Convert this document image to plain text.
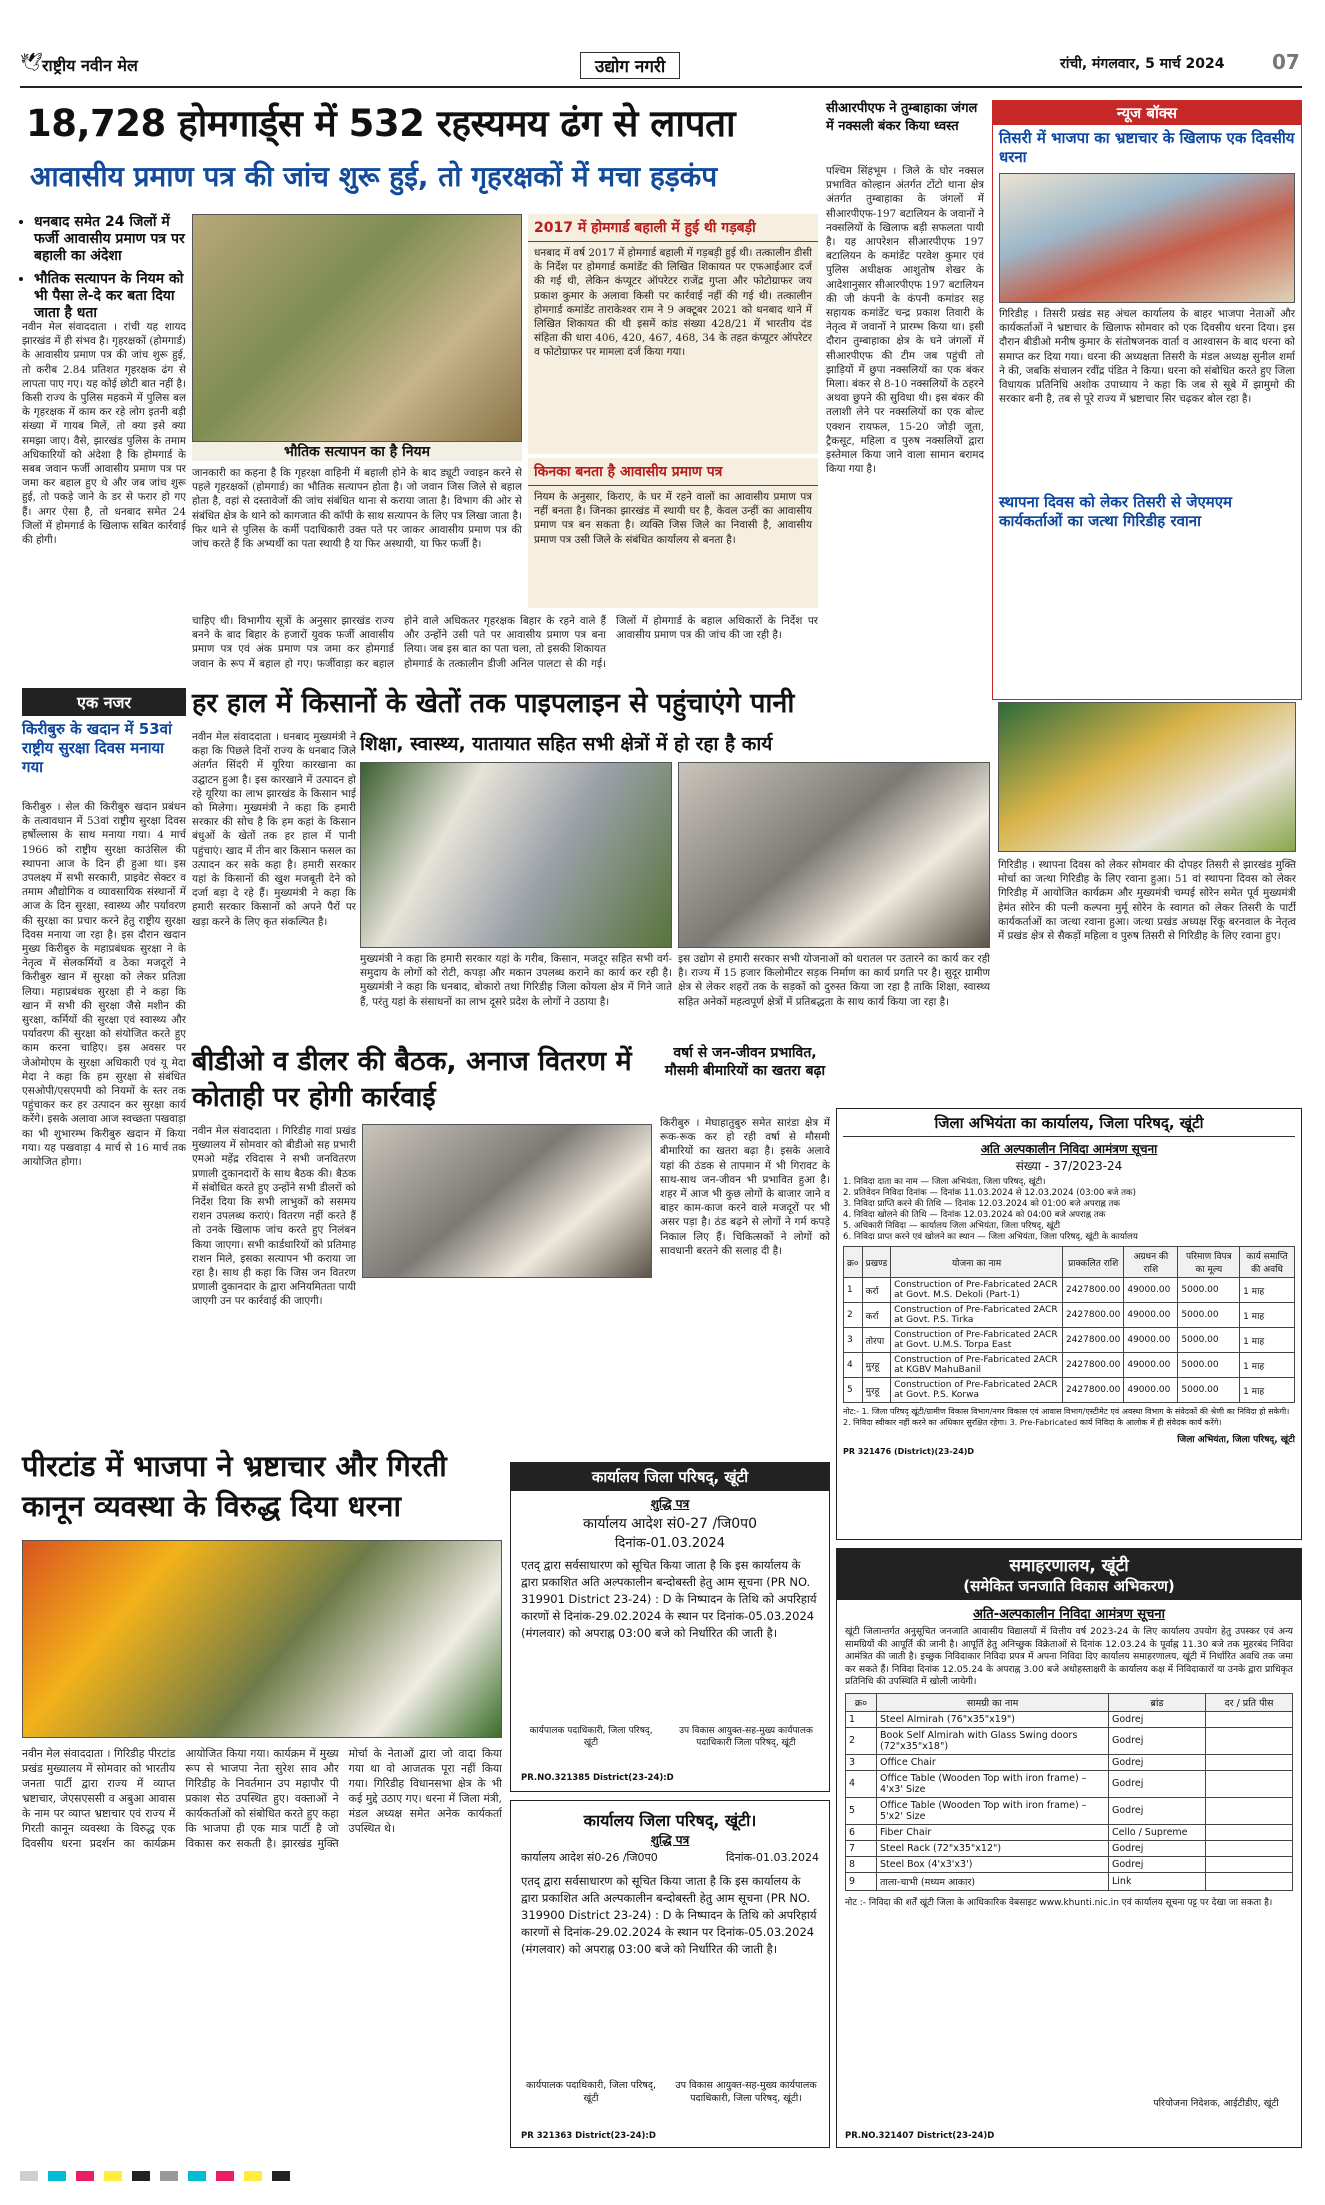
🕊 राष्ट्रीय नवीन मेल	उद्योग नगरी	रांची, मंगलवार, 5 मार्च 2024 07
18,728 होमगार्ड्स में 532 रहस्यमय ढंग से लापता
आवासीय प्रमाण पत्र की जांच शुरू हुई, तो गृहरक्षकों में मचा हड़कंप
• धनबाद समेत 24 जिलों में फर्जी आवासीय प्रमाण पत्र पर बहाली का अंदेशा
• भौतिक सत्यापन के नियम को भी पैसा ले-दे कर बता दिया जाता है धता
नवीन मेल संवाददाता । रांची यह शायद झारखंड में ही संभव है। गृहरक्षकों (होमगार्ड) के आवासीय प्रमाण पत्र की जांच शुरू हुई, तो करीब 2.84 प्रतिशत गृहरक्षक ढंग से लापता पाए गए। यह कोई छोटी बात नहीं है। किसी राज्य के पुलिस महकमे में पुलिस बल के गृहरक्षक में काम कर रहे लोग इतनी बड़ी संख्या में गायब मिलें, तो क्या इसे क्या समझा जाए। वैसे, झारखंड पुलिस के तमाम अधिकारियों को अंदेशा है कि होमगार्ड के सबब जवान फर्जी आवासीय प्रमाण पत्र पर जमा कर बहाल हुए थे और जब जांच शुरू हुई, तो पकड़े जाने के डर से फरार हो गए हैं। अगर ऐसा है, तो धनबाद समेत 24 जिलों में होमगार्ड के खिलाफ सबित कार्रवाई की होगी।
भौतिक सत्यापन का है नियम
जानकारी का कहना है कि गृहरक्षा वाहिनी में बहाली होने के बाद ड्यूटी ज्वाइन करने से पहले गृहरक्षकों (होमगार्ड) का भौतिक सत्यापन होता है। जो जवान जिस जिले से बहाल होता है, वहां से दस्तावेजों की जांच संबंधित थाना से कराया जाता है। विभाग की ओर से संबंधित क्षेत्र के थाने को कागजात की कॉपी के साथ सत्यापन के लिए पत्र लिखा जाता है। फिर थाने से पुलिस के कर्मी पदाधिकारी उक्त पते पर जाकर आवासीय प्रमाण पत्र की जांच करते हैं कि अभ्यर्थी का पता स्थायी है या फिर अस्थायी, या फिर फर्जी है।
2017 में होमगार्ड बहाली में हुई थी गड़बड़ी
धनबाद में वर्ष 2017 में होमगार्ड बहाली में गड़बड़ी हुई थी। तत्कालीन डीसी के निर्देश पर होमगार्ड कमांडेंट की लिखित शिकायत पर एफआईआर दर्ज की गई थी, लेकिन कंप्यूटर ऑपरेटर राजेंद्र गुप्ता और फोटोग्राफर जय प्रकाश कुमार के अलावा किसी पर कार्रवाई नहीं की गई थी। तत्कालीन होमगार्ड कमांडेंट ताराकेश्वर राम ने 9 अक्टूबर 2021 को धनबाद थाने में लिखित शिकायत की थी इसमें कांड संख्या 428/21 में भारतीय दंड संहिता की धारा 406, 420, 467, 468, 34 के तहत कंप्यूटर ऑपरेटर व फोटोग्राफर पर मामला दर्ज किया गया।
किनका बनता है आवासीय प्रमाण पत्र
नियम के अनुसार, किराए, के घर में रहने वालों का आवासीय प्रमाण पत्र नहीं बनता है। जिनका झारखंड में स्थायी घर है, केवल उन्हीं का आवासीय प्रमाण पत्र बन सकता है। व्यक्ति जिस जिले का निवासी है, आवासीय प्रमाण पत्र उसी जिले के संबंधित कार्यालय से बनता है।
चाहिए थी। विभागीय सूत्रों के अनुसार झारखंड राज्य बनने के बाद बिहार के हजारों युवक फर्जी आवासीय प्रमाण पत्र एवं अंक प्रमाण पत्र जमा कर होमगार्ड जवान के रूप में बहाल हो गए। फर्जीवाड़ा कर बहाल होने वाले अधिकतर गृहरक्षक बिहार के रहने वाले हैं और उन्होंने उसी पते पर आवासीय प्रमाण पत्र बना लिया। जब इस बात का पता चला, तो इसकी शिकायत होमगार्ड के तत्कालीन डीजी अनिल पालटा से की गई। जिलों में होमगार्ड के बहाल अधिकारों के निर्देश पर आवासीय प्रमाण पत्र की जांच की जा रही है।
सीआरपीएफ ने तुम्बाहाका जंगल में नक्सली बंकर किया ध्वस्त
पश्चिम सिंहभूम । जिले के घोर नक्सल प्रभावित कोल्हान अंतर्गत टोंटो थाना क्षेत्र अंतर्गत तुम्बाहाका के जंगलों में सीआरपीएफ-197 बटालियन के जवानों ने नक्सलियों के खिलाफ बड़ी सफलता पायी है। यह आपरेशन सीआरपीएफ 197 बटालियन के कमांडेंट परवेश कुमार एवं पुलिस अधीक्षक आशुतोष शेखर के आदेशानुसार सीआरपीएफ 197 बटालियन की जी कंपनी के कंपनी कमांडर सह सहायक कमांडेंट चन्द्र प्रकाश तिवारी के नेतृत्व में जवानों ने प्रारम्भ किया था। इसी दौरान तुम्बाहाका क्षेत्र के घने जंगलों में सीआरपीएफ की टीम जब पहुंची तो झाड़ियों में छुपा नक्सलियों का एक बंकर मिला। बंकर से 8-10 नक्सलियों के ठहरने अथवा छुपने की सुविधा थी। इस बंकर की तलाशी लेने पर नक्सलियों का एक बोल्ट एक्शन रायफल, 15-20 जोड़ी जूता, ट्रैकसूट, महिला व पुरुष नक्सलियों द्वारा इस्तेमाल किया जाने वाला सामान बरामद किया गया है।
न्यूज बॉक्स
तिसरी में भाजपा का भ्रष्टाचार के खिलाफ एक दिवसीय धरना
गिरिडीह । तिसरी प्रखंड सह अंचल कार्यालय के बाहर भाजपा नेताओं और कार्यकर्ताओं ने भ्रष्टाचार के खिलाफ सोमवार को एक दिवसीय धरना दिया। इस दौरान बीडीओ मनीष कुमार के संतोषजनक वार्ता व आश्वासन के बाद धरना को समाप्त कर दिया गया। धरना की अध्यक्षता तिसरी के मंडल अध्यक्ष सुनील शर्मा ने की, जबकि संचालन रवींद्र पंडित ने किया। धरना को संबोधित करते हुए जिला विधायक प्रतिनिधि अशोक उपाध्याय ने कहा कि जब से सूबे में झामुमो की सरकार बनी है, तब से पूरे राज्य में भ्रष्टाचार सिर चढ़कर बोल रहा है।
स्थापना दिवस को लेकर तिसरी से जेएमएम कार्यकर्ताओं का जत्था गिरिडीह रवाना
गिरिडीह । स्थापना दिवस को लेकर सोमवार की दोपहर तिसरी से झारखंड मुक्ति मोर्चा का जत्था गिरिडीह के लिए रवाना हुआ। 51 वां स्थापना दिवस को लेकर गिरिडीह में आयोजित कार्यक्रम और मुख्यमंत्री चम्पई सोरेन समेत पूर्व मुख्यमंत्री हेमंत सोरेन की पत्नी कल्पना मुर्मू सोरेन के स्वागत को लेकर तिसरी के पार्टी कार्यकर्ताओं का जत्था रवाना हुआ। जत्था प्रखंड अध्यक्ष रिंकू बरनवाल के नेतृत्व में प्रखंड क्षेत्र से सैकड़ों महिला व पुरुष तिसरी से गिरिडीह के लिए रवाना हुए।
एक नजर
किरीबुरु के खदान में 53वां राष्ट्रीय सुरक्षा दिवस मनाया गया
किरीबुरु । सेल की किरीबुरु खदान प्रबंधन के तत्वावधान में 53वां राष्ट्रीय सुरक्षा दिवस हर्षोल्लास के साथ मनाया गया। 4 मार्च 1966 को राष्ट्रीय सुरक्षा काउंसिल की स्थापना आज के दिन ही हुआ था। इस उपलक्ष्य में सभी सरकारी, प्राइवेट सेक्टर व तमाम औद्योगिक व व्यावसायिक संस्थानों में आज के दिन सुरक्षा, स्वास्थ्य और पर्यावरण की सुरक्षा का प्रचार करने हेतु राष्ट्रीय सुरक्षा दिवस मनाया जा रहा है। इस दौरान खदान मुख्य किरीबुरु के महाप्रबंधक सुरक्षा ने के नेतृत्व में सेलकर्मियों व ठेका मजदूरों ने किरीबुरु खान में सुरक्षा को लेकर प्रतिज्ञा लिया। महाप्रबंधक सुरक्षा ही ने कहा कि खान में सभी की सुरक्षा जैसे मशीन की सुरक्षा, कर्मियों की सुरक्षा एवं स्वास्थ्य और पर्यावरण की सुरक्षा को संयोजित करते हुए काम करना चाहिए। इस अवसर पर जेओमोएम के सुरक्षा अधिकारी एवं यू मेदा मेदा ने कहा कि हम सुरक्षा से संबंधित एसओपी/एसएमपी को नियमों के स्तर तक पहुंचाकर कर हर उत्पादन कर सुरक्षा कार्य करेंगे। इसके अलावा आज स्वच्छता पखवाड़ा का भी शुभारम्भ किरीबुरु खदान में किया गया। यह पखवाड़ा 4 मार्च से 16 मार्च तक आयोजित होगा।
हर हाल में किसानों के खेतों तक पाइपलाइन से पहुंचाएंगे पानी
नवीन मेल संवाददाता । धनबाद मुख्यमंत्री ने कहा कि पिछले दिनों राज्य के धनबाद जिले अंतर्गत सिंदरी में यूरिया कारखाना का उद्घाटन हुआ है। इस कारखाने में उत्पादन हो रहे यूरिया का लाभ झारखंड के किसान भाई को मिलेगा। मुख्यमंत्री ने कहा कि हमारी सरकार की सोच है कि हम कहां के किसान बंधुओं के खेतों तक हर हाल में पानी पहुंचाएं। खाद में तीन बार किसान फसल का उत्पादन कर सके कहा है। हमारी सरकार यहां के किसानों की खुश मजबूती देने को दर्जा बड़ा दे रहे हैं। मुख्यमंत्री ने कहा कि हमारी सरकार किसानों को अपने पैरों पर खड़ा करने के लिए कृत संकल्पित है।
शिक्षा, स्वास्थ्य, यातायात सहित सभी क्षेत्रों में हो रहा है कार्य
मुख्यमंत्री ने कहा कि हमारी सरकार यहां के गरीब, किसान, मजदूर सहित सभी वर्ग-समुदाय के लोगों को रोटी, कपड़ा और मकान उपलब्ध कराने का कार्य कर रही है। मुख्यमंत्री ने कहा कि धनबाद, बोकारो तथा गिरिडीह जिला कोयला क्षेत्र में गिने जाते हैं, परंतु यहां के संसाधनों का लाभ दूसरे प्रदेश के लोगों ने उठाया है।
इस उद्योग से हमारी सरकार सभी योजनाओं को धरातल पर उतारने का कार्य कर रही है। राज्य में 15 हजार किलोमीटर सड़क निर्माण का कार्य प्रगति पर है। सुदूर ग्रामीण क्षेत्र से लेकर शहरों तक के सड़कों को दुरुस्त किया जा रहा है ताकि शिक्षा, स्वास्थ्य सहित अनेकों महत्वपूर्ण क्षेत्रों में प्रतिबद्धता के साथ कार्य किया जा रहा है।
बीडीओ व डीलर की बैठक, अनाज वितरण में कोताही पर होगी कार्रवाई
नवीन मेल संवाददाता । गिरिडीह गावां प्रखंड मुख्यालय में सोमवार को बीडीओ सह प्रभारी एमओ महेंद्र रविदास ने सभी जनवितरण प्रणाली दुकानदारों के साथ बैठक की। बैठक में संबोधित करते हुए उन्होंने सभी डीलरों को निर्देश दिया कि सभी लाभुकों को ससमय राशन उपलब्ध कराएं। वितरण नहीं करते हैं तो उनके खिलाफ जांच करते हुए निलंबन किया जाएगा। सभी कार्डधारियों को प्रतिमाह राशन मिले, इसका सत्यापन भी कराया जा रहा है। साथ ही कहा कि जिस जन वितरण प्रणाली दुकानदार के द्वारा अनियमितता पायी जाएगी उन पर कार्रवाई की जाएगी।
वर्षा से जन-जीवन प्रभावित, मौसमी बीमारियों का खतरा बढ़ा
किरीबुरु । मेघाहातुबुरु समेत सारंडा क्षेत्र में रूक-रूक कर हो रही वर्षा से मौसमी बीमारियों का खतरा बढ़ा है। इसके अलावे यहां की ठंडक से तापमान में भी गिरावट के साथ-साथ जन-जीवन भी प्रभावित हुआ है। शहर में आज भी कुछ लोगों के बाजार जाने व बाहर काम-काज करने वाले मजदूरों पर भी असर पड़ा है। ठंड बढ़ने से लोगों ने गर्म कपड़े निकाल लिए हैं। चिकित्सकों ने लोगों को सावधानी बरतने की सलाह दी है।
जिला अभियंता का कार्यालय, जिला परिषद्, खूंटी
अति अल्पकालीन निविदा आमंत्रण सूचना
संख्या - 37/2023-24
1. निविदा दाता का नाम — जिला अभियंता, जिला परिषद्, खूंटी।
2. प्रतिवेदन निविदा दिनांक — दिनांक 11.03.2024 से 12.03.2024 (03:00 बजे तक)
3. निविदा प्राप्ति करने की तिथि — दिनांक 12.03.2024 को 01:00 बजे अपराह्न तक
4. निविदा खोलने की तिथि — दिनांक 12.03.2024 को 04:00 बजे अपराह्न तक
5. अधिकारी निविदा — कार्यालय जिला अभियंता, जिला परिषद्, खूंटी
6. निविदा प्राप्त करने एवं खोलने का स्थान — जिला अभियंता, जिला परिषद्, खूंटी के कार्यालय
क्र०	प्रखण्ड	योजना का नाम	प्राक्कलित राशि	अग्रधन की राशि	परिमाण विपत्र का मूल्य	कार्य समाप्ति की अवधि
1	कर्रा	Construction of Pre-Fabricated 2ACR at Govt. M.S. Dekoli (Part-1)	2427800.00	49000.00	5000.00	1 माह
2	कर्रा	Construction of Pre-Fabricated 2ACR at Govt. P.S. Tirka	2427800.00	49000.00	5000.00	1 माह
3	तोरपा	Construction of Pre-Fabricated 2ACR at Govt. U.M.S. Torpa East	2427800.00	49000.00	5000.00	1 माह
4	मुरहू	Construction of Pre-Fabricated 2ACR at KGBV MahuBanil	2427800.00	49000.00	5000.00	1 माह
5	मुरहू	Construction of Pre-Fabricated 2ACR at Govt. P.S. Korwa	2427800.00	49000.00	5000.00	1 माह
नोट:- 1. जिला परिषद् खूंटी/ग्रामीण विकास विभाग/नगर विकास एवं आवास विभाग/एस्टीमेट एवं अवस्था विभाग के संवेदकों की श्रेणी का निविदा हो सकेगी। 2. निविदा स्वीकार नहीं करने का अधिकार सुरक्षित रहेगा। 3. Pre-Fabricated कार्य निविदा के आलोक में ही संवेदक कार्य करेंगे।
जिला अभियंता, जिला परिषद्, खूंटी
PR 321476 (District)(23-24)D
पीरटांड में भाजपा ने भ्रष्टाचार और गिरती कानून व्यवस्था के विरुद्ध दिया धरना
नवीन मेल संवाददाता । गिरिडीह पीरटांड प्रखंड मुख्यालय में सोमवार को भारतीय जनता पार्टी द्वारा राज्य में व्याप्त भ्रष्टाचार, जेएसएससी व अबुआ आवास के नाम पर व्याप्त भ्रष्टाचार एवं राज्य में गिरती कानून व्यवस्था के विरुद्ध एक दिवसीय धरना प्रदर्शन का कार्यक्रम आयोजित किया गया। कार्यक्रम में मुख्य रूप से भाजपा नेता सुरेश साव और गिरिडीह के निवर्तमान उप महापौर पी प्रकाश सेठ उपस्थित हुए। वक्ताओं ने कार्यकर्ताओं को संबोधित करते हुए कहा कि भाजपा ही एक मात्र पार्टी है जो विकास कर सकती है। झारखंड मुक्ति मोर्चा के नेताओं द्वारा जो वादा किया गया था वो आजतक पूरा नहीं किया गया। गिरिडीह विधानसभा क्षेत्र के भी कई मुद्दे उठाए गए। धरना में जिला मंत्री, मंडल अध्यक्ष समेत अनेक कार्यकर्ता उपस्थित थे।
कार्यालय जिला परिषद्, खूंटी
शुद्धि पत्र
कार्यालय आदेश सं0-27 /जि0प0
दिनांक-01.03.2024
एतद् द्वारा सर्वसाधारण को सूचित किया जाता है कि इस कार्यालय के द्वारा प्रकाशित अति अल्पकालीन बन्दोबस्ती हेतु आम सूचना (PR NO. 319901 District 23-24) : D के निष्पादन के तिथि को अपरिहार्य कारणों से दिनांक-29.02.2024 के स्थान पर दिनांक-05.03.2024 (मंगलवार) को अपराह्न 03:00 बजे को निर्धारित की जाती है।
कार्यपालक पदाधिकारी, जिला परिषद्, खूंटी
उप विकास आयुक्त-सह-मुख्य कार्यपालक पदाधिकारी जिला परिषद्, खूंटी
PR.NO.321385 District(23-24):D
कार्यालय जिला परिषद्, खूंटी।
शुद्धि पत्र
कार्यालय आदेश सं0-26 /जि0प0	दिनांक-01.03.2024
एतद् द्वारा सर्वसाधारण को सूचित किया जाता है कि इस कार्यालय के द्वारा प्रकाशित अति अल्पकालीन बन्दोबस्ती हेतु आम सूचना (PR NO. 319900 District 23-24) : D के निष्पादन के तिथि को अपरिहार्य कारणों से दिनांक-29.02.2024 के स्थान पर दिनांक-05.03.2024 (मंगलवार) को अपराह्न 03:00 बजे को निर्धारित की जाती है।
कार्यपालक पदाधिकारी, जिला परिषद्, खूंटी
उप विकास आयुक्त-सह-मुख्य कार्यपालक पदाधिकारी, जिला परिषद्, खूंटी।
PR 321363 District(23-24):D
समाहरणालय, खूंटी
(समेकित जनजाति विकास अभिकरण)
अति-अल्पकालीन निविदा आमंत्रण सूचना
खूंटी जिलान्तर्गत अनुसूचित जनजाति आवासीय विद्यालयों में वित्तीय वर्ष 2023-24 के लिए कार्यालय उपयोग हेतु उपस्कर एवं अन्य सामग्रियों की आपूर्ति की जानी है। आपूर्ति हेतु अनिच्छुक विक्रेताओं से दिनांक 12.03.24 के पूर्वाह्न 11.30 बजे तक मुहरबंद निविदा आमंत्रित की जाती है। इच्छुक निविदाकार निविदा प्रपत्र में अपना निविदा दिए कार्यालय समाहरणालय, खूंटी में निर्धारित अवधि तक जमा कर सकते हैं। निविदा दिनांक 12.05.24 के अपराह्न 3.00 बजे अधोहस्ताक्षरी के कार्यालय कक्ष में निविदाकारों या उनके द्वारा प्राधिकृत प्रतिनिधि की उपस्थिति में खोली जायेगी।
क्र०	सामग्री का नाम	ब्रांड	दर / प्रति पीस
1	Steel Almirah (76"x35"x19")	Godrej	
2	Book Self Almirah with Glass Swing doors (72"x35"x18")	Godrej	
3	Office Chair	Godrej	
4	Office Table (Wooden Top with iron frame) – 4'x3' Size	Godrej	
5	Office Table (Wooden Top with iron frame) – 5'x2' Size	Godrej	
6	Fiber Chair	Cello / Supreme	
7	Steel Rack (72"x35"x12")	Godrej	
8	Steel Box (4'x3'x3')	Godrej	
9	ताला-चाभी (मध्यम आकार)	Link	
नोट :- निविदा की शर्तें खूंटी जिला के आधिकारिक वेबसाइट www.khunti.nic.in एवं कार्यालय सूचना पट्ट पर देखा जा सकता है।
परियोजना निदेशक, आईटीडीए, खूंटी
PR.NO.321407 District(23-24)D
